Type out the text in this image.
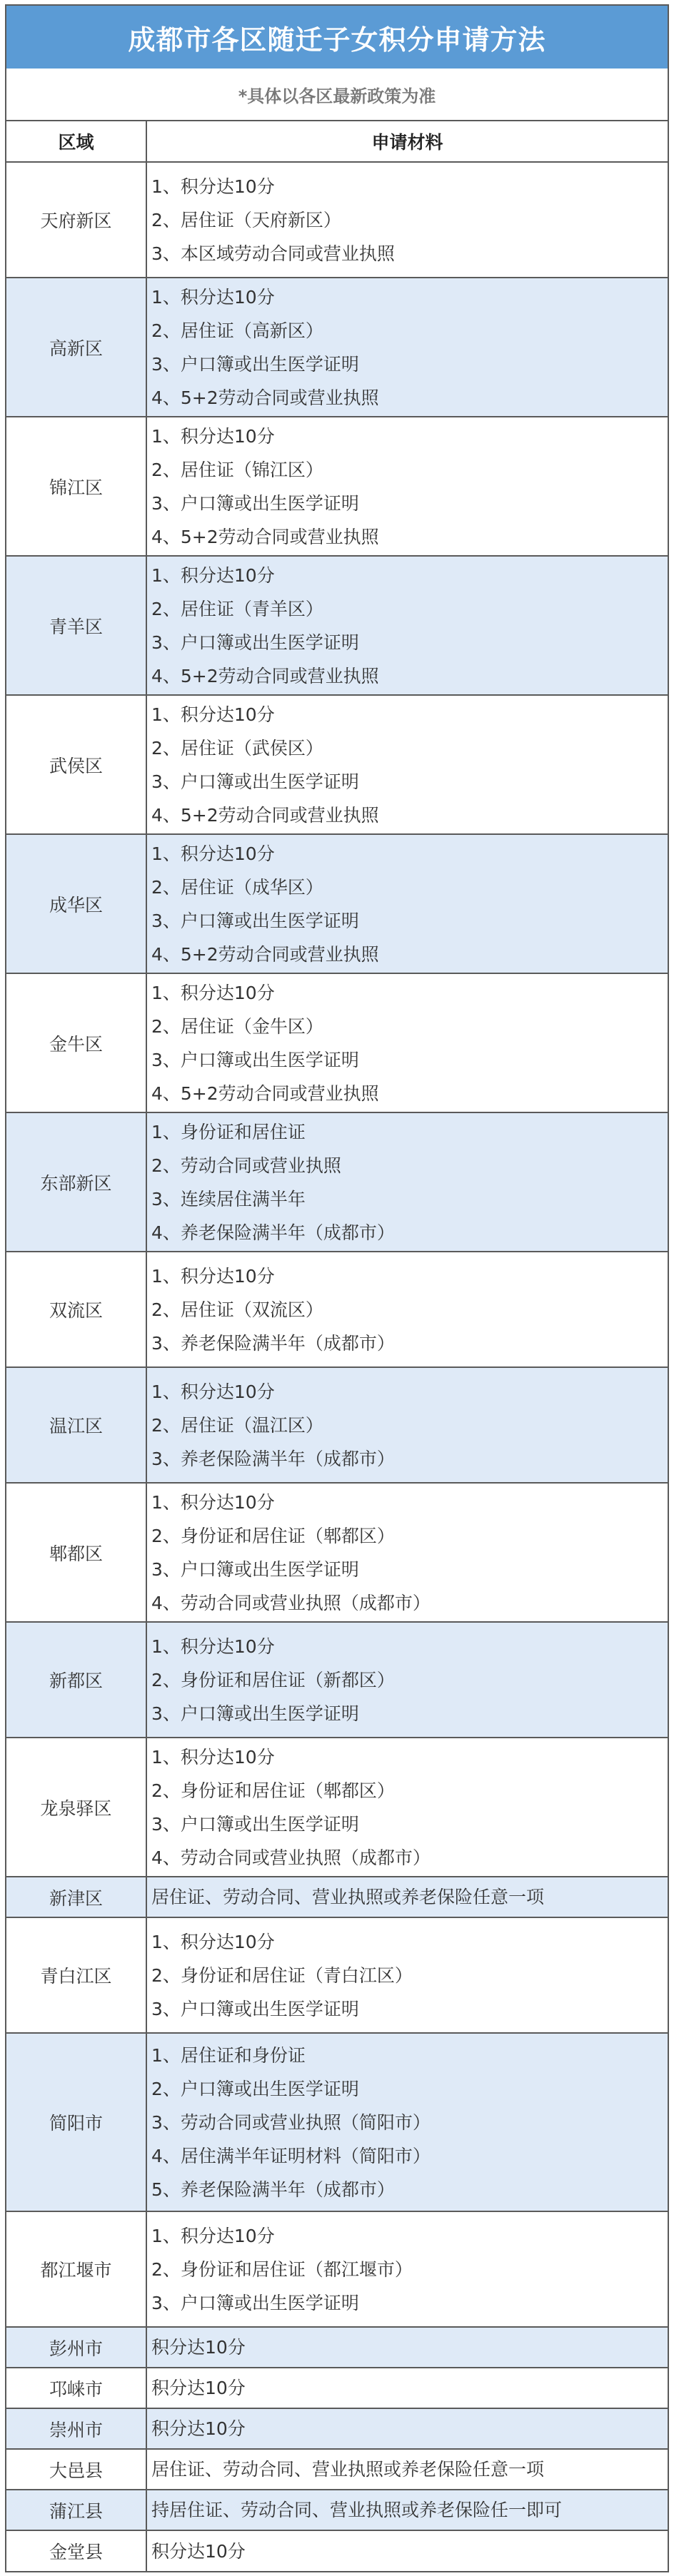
成都市各区随迁子女积分申请方法
*具体以各区最新政策为准
区域	申请材料
天府新区	1、积分达10分
2、居住证（天府新区）
3、本区域劳动合同或营业执照

高新区	1、积分达10分
2、居住证（高新区）
3、户口簿或出生医学证明
4、5+2劳动合同或营业执照

锦江区	1、积分达10分
2、居住证（锦江区）
3、户口簿或出生医学证明
4、5+2劳动合同或营业执照

青羊区	1、积分达10分
2、居住证（青羊区）
3、户口簿或出生医学证明
4、5+2劳动合同或营业执照

武侯区	1、积分达10分
2、居住证（武侯区）
3、户口簿或出生医学证明
4、5+2劳动合同或营业执照

成华区	1、积分达10分
2、居住证（成华区）
3、户口簿或出生医学证明
4、5+2劳动合同或营业执照

金牛区	1、积分达10分
2、居住证（金牛区）
3、户口簿或出生医学证明
4、5+2劳动合同或营业执照

东部新区	1、身份证和居住证
2、劳动合同或营业执照
3、连续居住满半年
4、养老保险满半年（成都市）

双流区	1、积分达10分
2、居住证（双流区）
3、养老保险满半年（成都市）

温江区	1、积分达10分
2、居住证（温江区）
3、养老保险满半年（成都市）

郫都区	1、积分达10分
2、身份证和居住证（郫都区）
3、户口簿或出生医学证明
4、劳动合同或营业执照（成都市）

新都区	1、积分达10分
2、身份证和居住证（新都区）
3、户口簿或出生医学证明

龙泉驿区	1、积分达10分
2、身份证和居住证（郫都区）
3、户口簿或出生医学证明
4、劳动合同或营业执照（成都市）

新津区	居住证、劳动合同、营业执照或养老保险任意一项

青白江区	1、积分达10分
2、身份证和居住证（青白江区）
3、户口簿或出生医学证明

简阳市	1、居住证和身份证
2、户口簿或出生医学证明
3、劳动合同或营业执照（简阳市）
4、居住满半年证明材料（简阳市）
5、养老保险满半年（成都市）

都江堰市	1、积分达10分
2、身份证和居住证（都江堰市）
3、户口簿或出生医学证明

彭州市	积分达10分

邛崃市	积分达10分

崇州市	积分达10分

大邑县	居住证、劳动合同、营业执照或养老保险任意一项

蒲江县	持居住证、劳动合同、营业执照或养老保险任一即可

金堂县	积分达10分
